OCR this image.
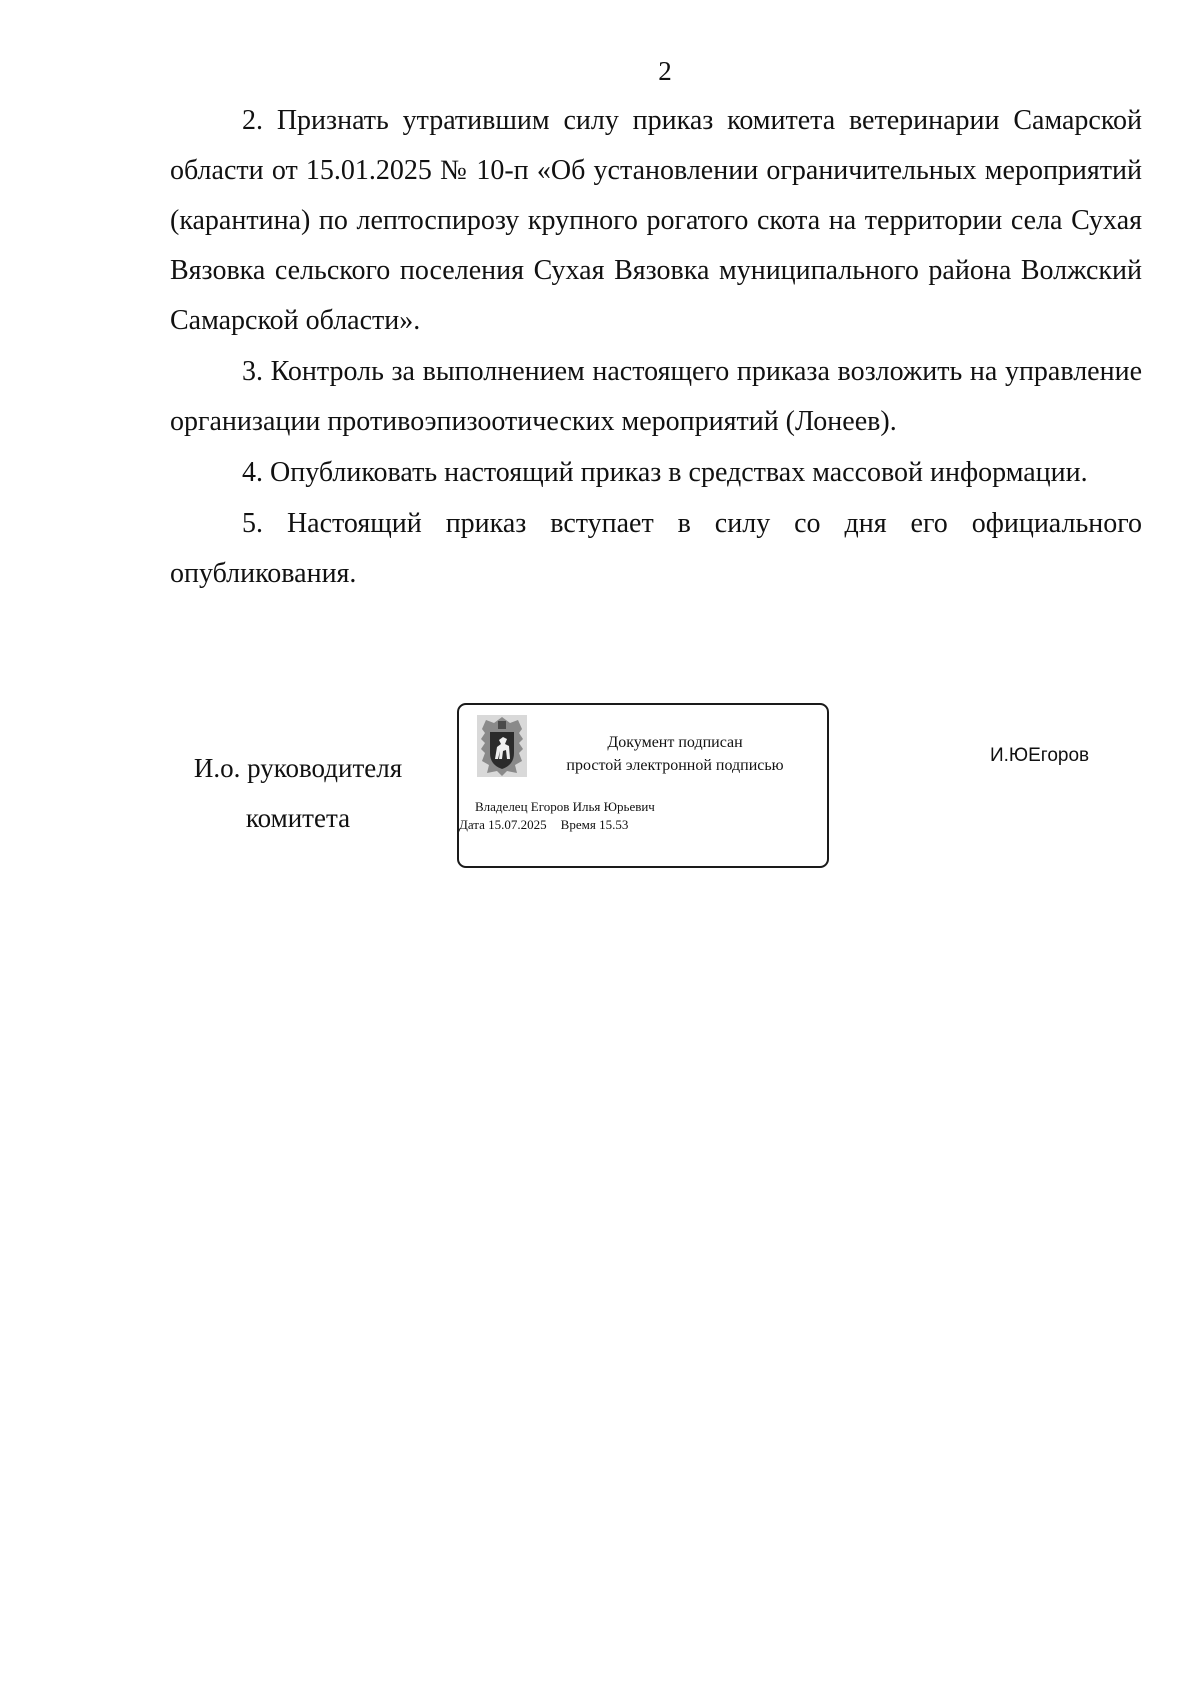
2

2. Признать утратившим силу приказ комитета ветеринарии Самарской области от 15.01.2025 № 10-п «Об установлении ограничительных мероприятий (карантина) по лептоспирозу крупного рогатого скота на территории села Сухая Вязовка сельского поселения Сухая Вязовка муниципального района Волжский Самарской области».

3. Контроль за выполнением настоящего приказа возложить на управление организации противоэпизоотических мероприятий (Лонеев).

4. Опубликовать настоящий приказ в средствах массовой информации.

5. Настоящий приказ вступает в силу со дня его официального опубликования.

И.о. руководителя
комитета
Документ подписан
простой электронной подписью
Владелец Егоров Илья Юрьевич
Дата 15.07.2025 Время 15.53
И.ЮЕгоров
